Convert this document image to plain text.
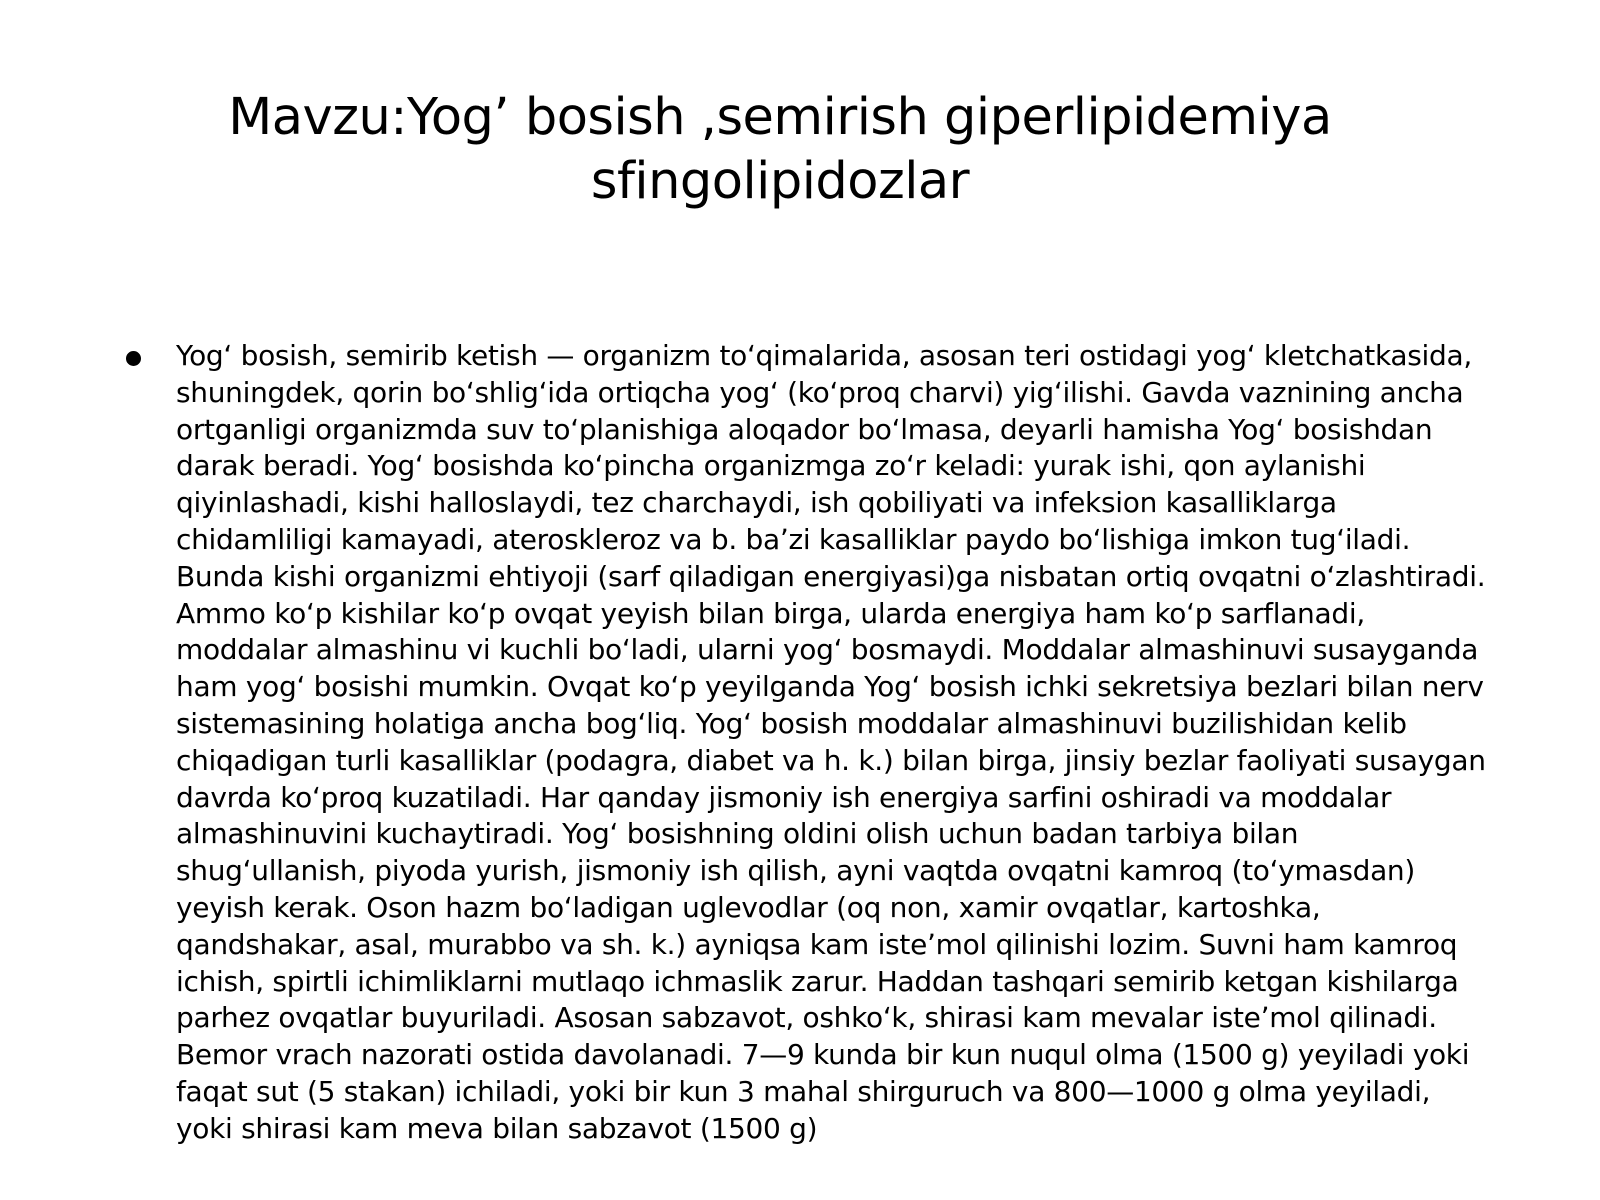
Mavzu:Yog’ bosish ,semirish giperlipidemiya sfingolipidozlar

Yogʻ bosish, semirib ketish — organizm toʻqimalarida, asosan teri ostidagi yogʻ kletchatkasida, shuningdek, qorin boʻshligʻida ortiqcha yogʻ (koʻproq charvi) yigʻilishi. Gavda vaznining ancha ortganligi organizmda suv toʻplanishiga aloqador boʻlmasa, deyarli hamisha Yogʻ bosishdan darak beradi. Yogʻ bosishda koʻpincha organizmga zoʻr keladi: yurak ishi, qon aylanishi qiyinlashadi, kishi halloslaydi, tez charchaydi, ish qobiliyati va infeksion kasalliklarga chidamliligi kamayadi, ateroskleroz va b. baʼzi kasalliklar paydo boʻlishiga imkon tugʻiladi. Bunda kishi organizmi ehtiyoji (sarf qiladigan energiyasi)ga nisbatan ortiq ovqatni oʻzlashtiradi. Ammo koʻp kishilar koʻp ovqat yeyish bilan birga, ularda energiya ham koʻp sarflanadi, moddalar almashinu vi kuchli boʻladi, ularni yogʻ bosmaydi. Moddalar almashinuvi susayganda ham yogʻ bosishi mumkin. Ovqat koʻp yeyilganda Yogʻ bosish ichki sekretsiya bezlari bilan nerv sistemasining holatiga ancha bogʻliq. Yogʻ bosish moddalar almashinuvi buzilishidan kelib chiqadigan turli kasalliklar (podagra, diabet va h. k.) bilan birga, jinsiy bezlar faoliyati susaygan davrda koʻproq kuzatiladi. Har qanday jismoniy ish energiya sarfini oshiradi va moddalar almashinuvini kuchaytiradi. Yogʻ bosishning oldini olish uchun badan tarbiya bilan shugʻullanish, piyoda yurish, jismoniy ish qilish, ayni vaqtda ovqatni kamroq (toʻymasdan) yeyish kerak. Oson hazm boʻladigan uglevodlar (oq non, xamir ovqatlar, kartoshka, qandshakar, asal, murabbo va sh. k.) ayniqsa kam isteʼmol qilinishi lozim. Suvni ham kamroq ichish, spirtli ichimliklarni mutlaqo ichmaslik zarur. Haddan tashqari semirib ketgan kishilarga parhez ovqatlar buyuriladi. Asosan sabzavot, oshkoʻk, shirasi kam mevalar isteʼmol qilinadi. Bemor vrach nazorati ostida davolanadi. 7—9 kunda bir kun nuqul olma (1500 g) yeyiladi yoki faqat sut (5 stakan) ichiladi, yoki bir kun 3 mahal shirguruch va 800—1000 g olma yeyiladi, yoki shirasi kam meva bilan sabzavot (1500 g)
